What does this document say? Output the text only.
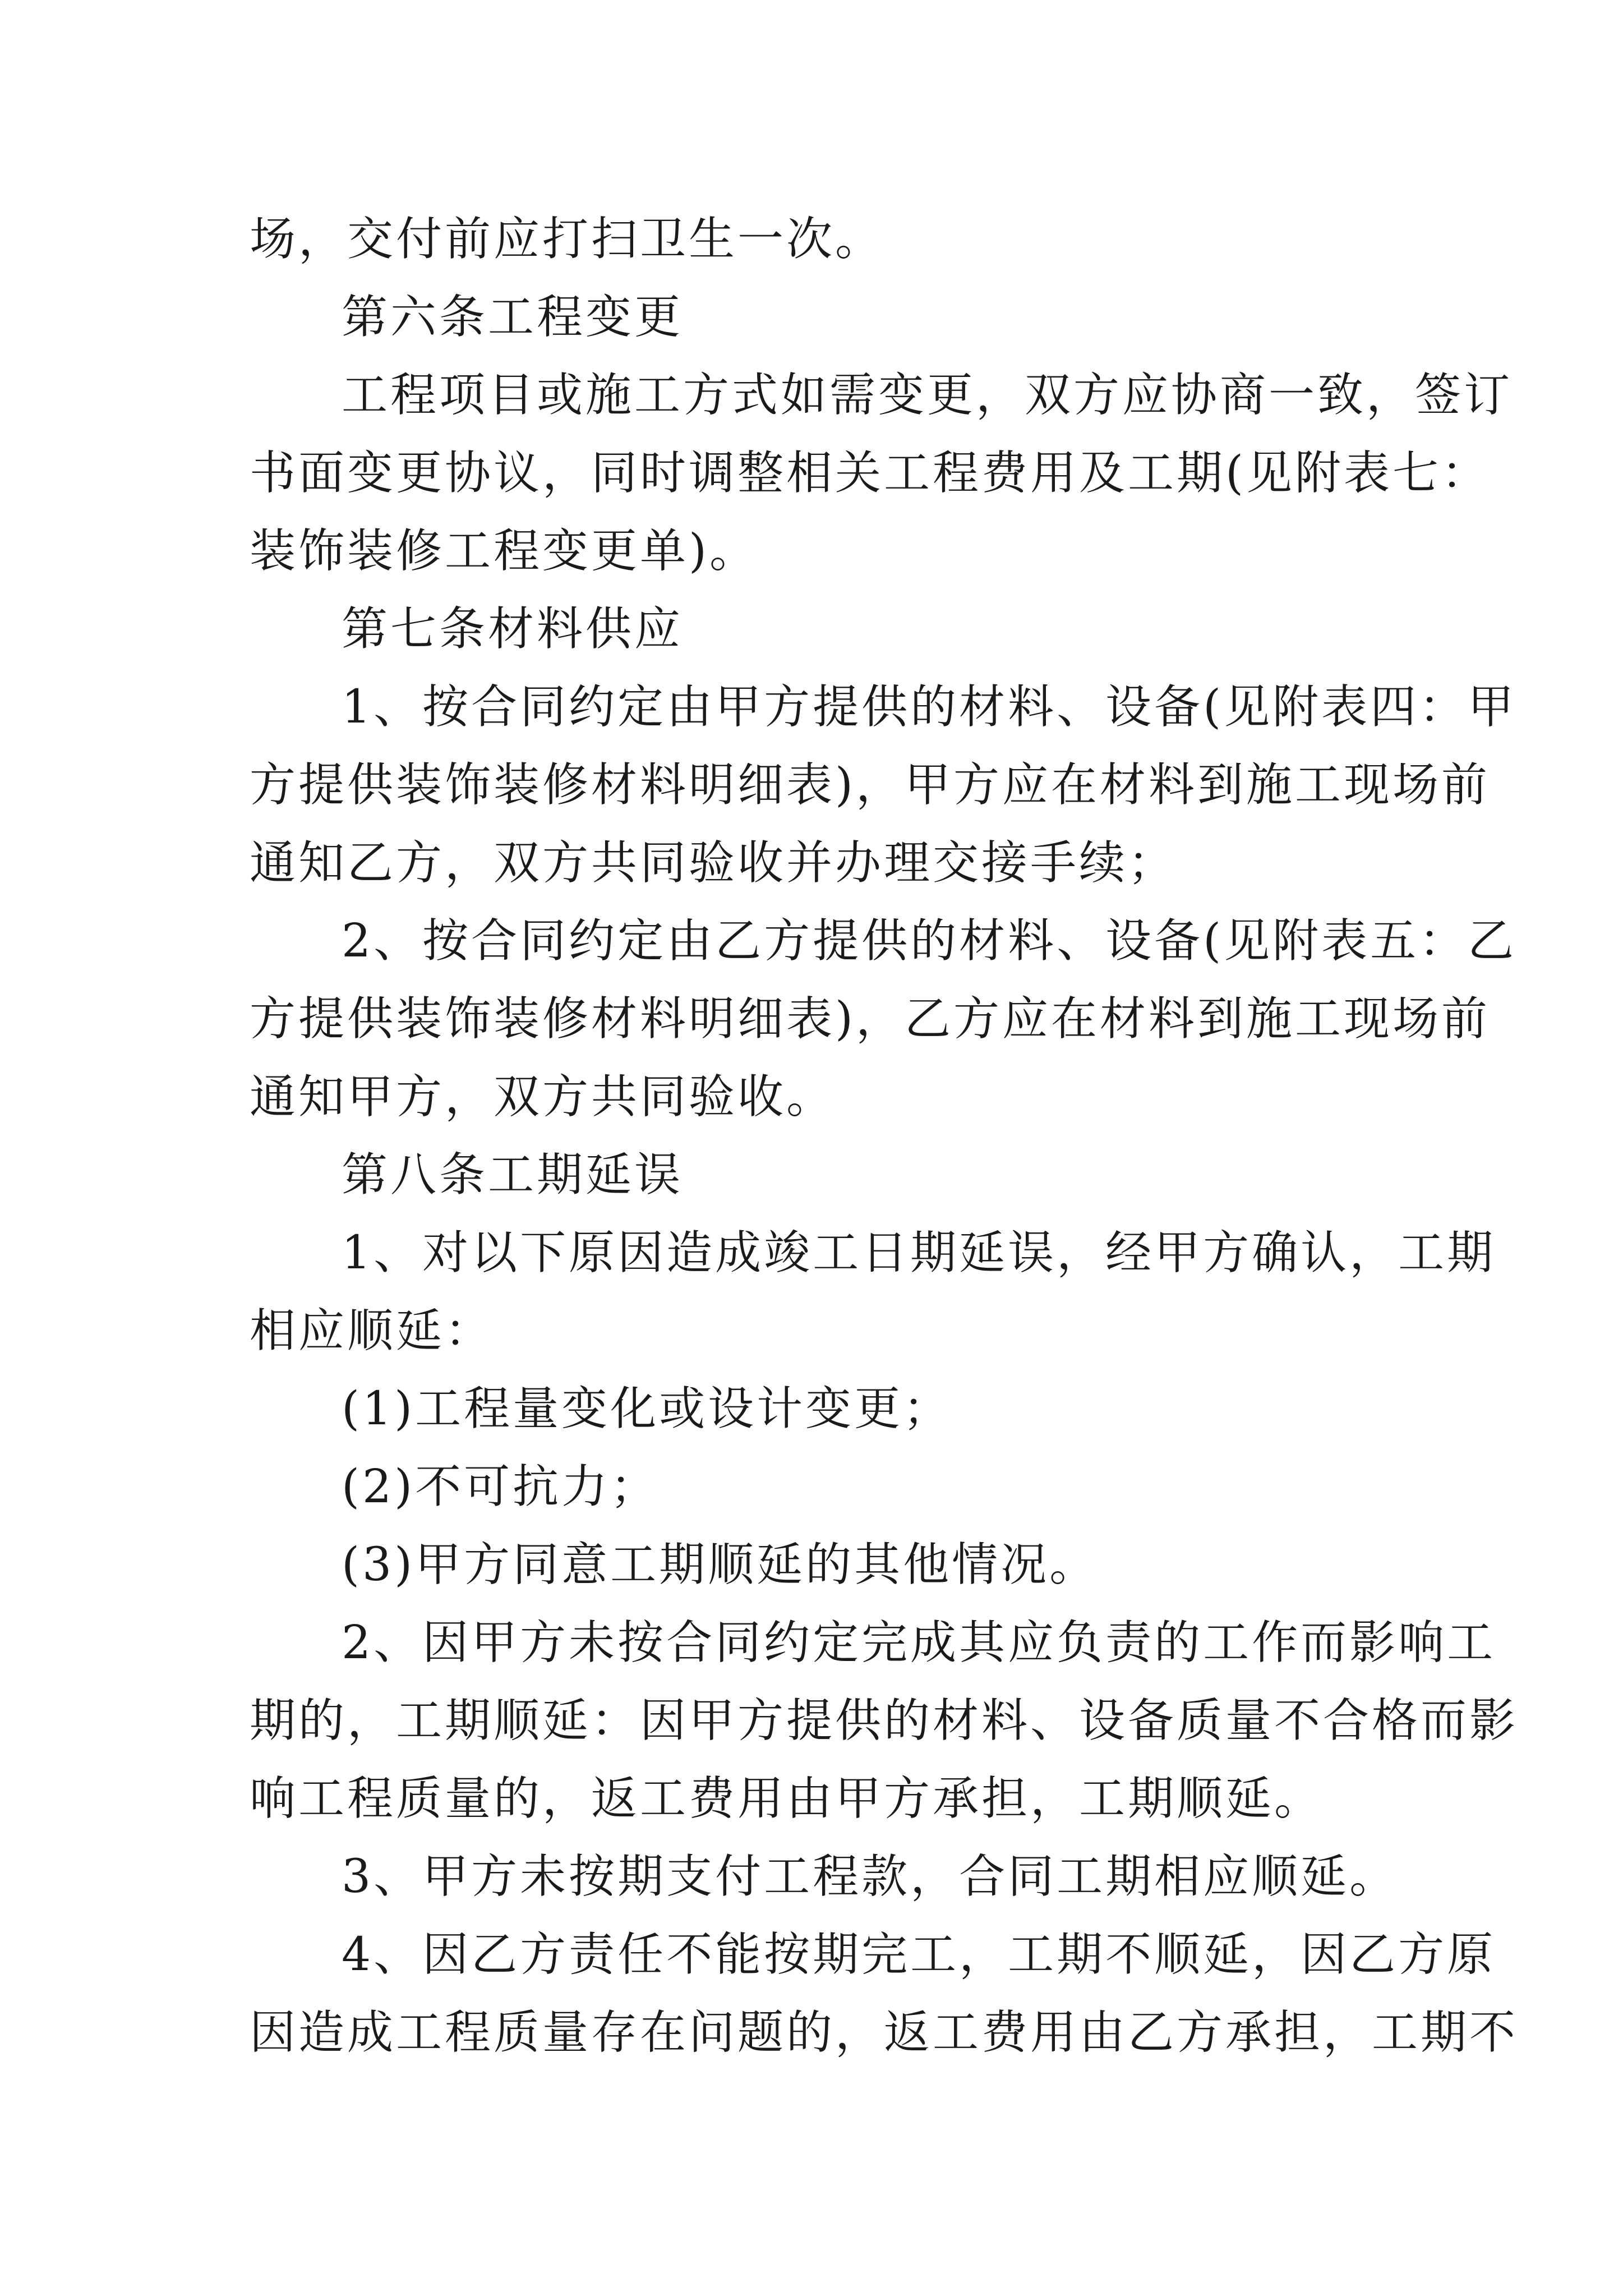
场，交付前应打扫卫生一次。
第六条工程变更
工程项目或施工方式如需变更，双方应协商一致，签订
书面变更协议，同时调整相关工程费用及工期(见附表七：
装饰装修工程变更单)。
第七条材料供应
1、按合同约定由甲方提供的材料、设备(见附表四：甲
方提供装饰装修材料明细表)，甲方应在材料到施工现场前
通知乙方，双方共同验收并办理交接手续；
2、按合同约定由乙方提供的材料、设备(见附表五：乙
方提供装饰装修材料明细表)，乙方应在材料到施工现场前
通知甲方，双方共同验收。
第八条工期延误
1、对以下原因造成竣工日期延误，经甲方确认，工期
相应顺延：
(1)工程量变化或设计变更；
(2)不可抗力；
(3)甲方同意工期顺延的其他情况。
2、因甲方未按合同约定完成其应负责的工作而影响工
期的，工期顺延：因甲方提供的材料、设备质量不合格而影
响工程质量的，返工费用由甲方承担，工期顺延。
3、甲方未按期支付工程款，合同工期相应顺延。
4、因乙方责任不能按期完工，工期不顺延，因乙方原
因造成工程质量存在问题的，返工费用由乙方承担，工期不
